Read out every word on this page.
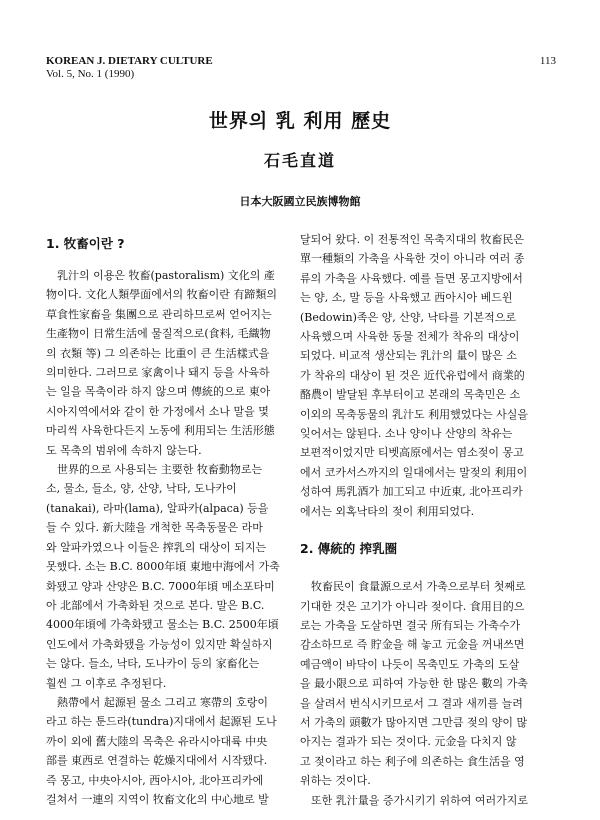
KOREAN J. DIETARY CULTURE
Vol. 5, No. 1 (1990)
113
世界의 乳 利用 歷史
石毛直道
日本大阪國立民族博物館
1. 牧畜이란 ?

乳汁의 이용은 牧畜(pastoralism) 文化의 產
物이다. 文化人類學面에서의 牧畜이란 有蹄類의
草食性家畜을 集團으로 관리하므로써 얻어지는
生產物이 日常生活에 물질적으로(食料, 毛織物
의 衣類 等) 그 의존하는 比重이 큰 生活樣式을
의미한다. 그러므로 家禽이나 돼지 등을 사육하
는 일을 목축이라 하지 않으며 傳統的으로 東아
시아지역에서와 같이 한 가정에서 소나 말을 몇
마리씩 사육한다든지 노동에 利用되는 生活形態
도 목축의 범위에 속하지 않는다.

世界的으로 사용되는 主要한 牧畜動物로는
소, 물소, 들소, 양, 산양, 낙타, 도나카이
(tanakai), 라마(lama), 알파카(alpaca) 등을
들 수 있다. 新大陸을 개척한 목축동물은 라마
와 알파카였으나 이들은 搾乳의 대상이 되지는
못했다. 소는 B.C. 8000年頃 東地中海에서 가축
화됐고 양과 산양은 B.C. 7000年頃 메소포타미
아 北部에서 가축화된 것으로 본다. 말은 B.C.
4000年頃에 가축화됐고 물소는 B.C. 2500年頃
인도에서 가축화됐을 가능성이 있지만 확실하지
는 않다. 들소, 낙타, 도나카이 등의 家畜化는
훨씬 그 이후로 추정된다.

熱帶에서 起源된 물소 그리고 寒帶의 호랑이
라고 하는 툰드라(tundra)지대에서 起源된 도나
까이 외에 舊大陸의 목축은 유라시아대륙 中央
部를 東西로 연결하는 乾燥지대에서 시작됐다.
즉 몽고, 中央아시아, 西아시아, 北아프리카에
걸쳐서 一連의 지역이 牧畜文化의 中心地로 발

달되어 왔다. 이 전통적인 목축지대의 牧畜民은
單一種類의 가축을 사육한 것이 아니라 여러 종
류의 가축을 사육했다. 예를 들면 몽고지방에서
는 양, 소, 말 등을 사육했고 西아시아 베드윈
(Bedowin)족은 양, 산양, 낙타를 기본적으로
사육했으며 사육한 동물 전체가 착유의 대상이
되었다. 비교적 생산되는 乳汁의 量이 많은 소
가 착유의 대상이 된 것은 近代유럽에서 商業的
酪農이 발달된 후부터이고 본래의 목축민은 소
이외의 목축동물의 乳汁도 利用했었다는 사실을
잊어서는 않된다. 소나 양이나 산양의 착유는
보편적이었지만 티벳高原에서는 염소젖이 몽고
에서 코카서스까지의 일대에서는 말젖의 利用이
성하여 馬乳酒가 加工되고 中近東, 北아프리카
에서는 외혹낙타의 젖이 利用되었다.

2. 傳統的 搾乳圈

牧畜民이 食量源으로서 가축으로부터 첫째로
기대한 것은 고기가 아니라 젖이다. 食用目的으
로는 가축을 도살하면 결국 所有되는 가축수가
감소하므로 즉 貯金을 해 놓고 元金을 꺼내쓰면
예금액이 바닥이 나듯이 목축민도 가축의 도살
을 最小限으로 피하여 가능한 한 많은 數의 가축
을 살려서 번식시키므로서 그 결과 새끼를 늘려
서 가축의 頭數가 많아지면 그만큼 젖의 양이 많
아지는 결과가 되는 것이다. 元金을 다치지 않
고 젖이라고 하는 利子에 의존하는 食生活을 영
위하는 것이다.

또한 乳汁量을 증가시키기 위하여 여러가지로
